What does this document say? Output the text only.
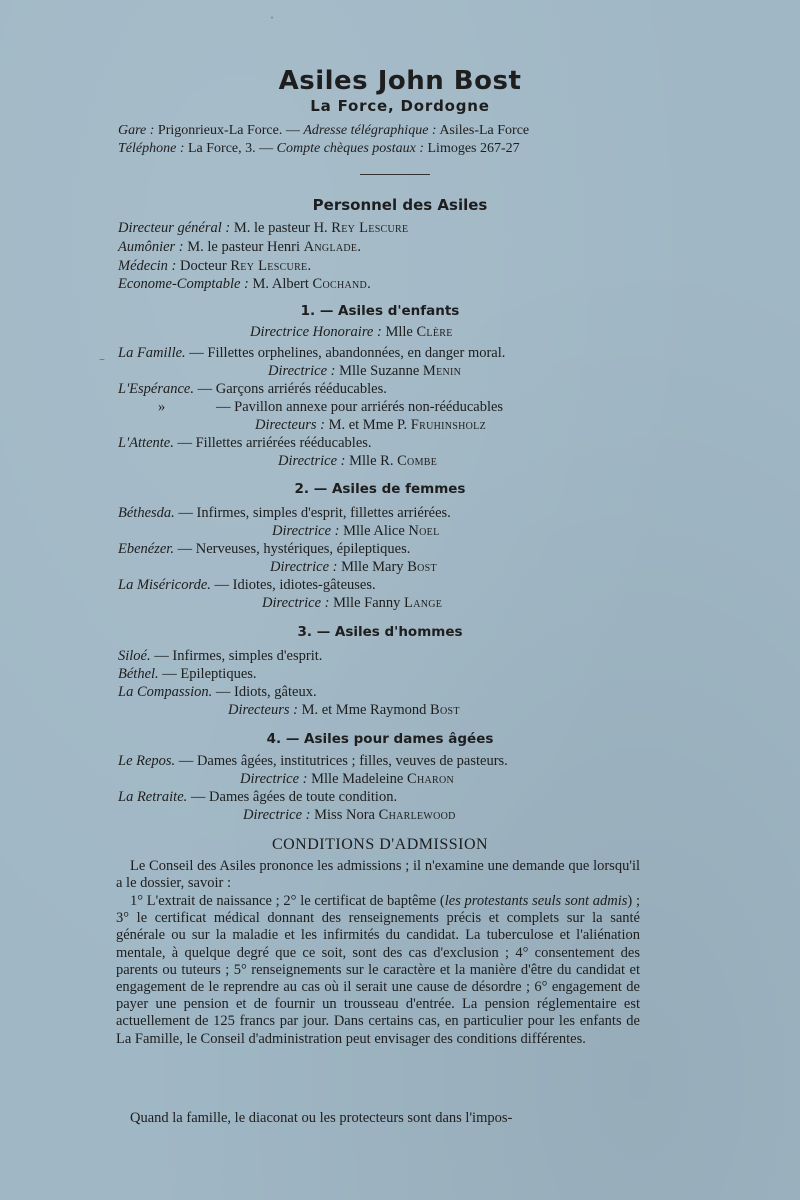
Asiles John Bost
La Force, Dordogne
Gare : Prigonrieux-La Force. — Adresse télégraphique : Asiles-La Force
Téléphone : La Force, 3. — Compte chèques postaux : Limoges 267-27
Personnel des Asiles
Directeur général : M. le pasteur H. Rey Lescure
Aumônier : M. le pasteur Henri Anglade.
Médecin : Docteur Rey Lescure.
Econome-Comptable : M. Albert Cochand.
1. — Asiles d'enfants
Directrice Honoraire : Mlle Clère
La Famille. — Fillettes orphelines, abandonnées, en danger moral.
Directrice : Mlle Suzanne Menin
L'Espérance. — Garçons arriérés rééducables.
»	— Pavillon annexe pour arriérés non-rééducables
Directeurs : M. et Mme P. Fruhinsholz
L'Attente. — Fillettes arriérées rééducables.
Directrice : Mlle R. Combe
2. — Asiles de femmes
Béthesda. — Infirmes, simples d'esprit, fillettes arriérées.
Directrice : Mlle Alice Noel
Ebenézer. — Nerveuses, hystériques, épileptiques.
Directrice : Mlle Mary Bost
La Miséricorde. — Idiotes, idiotes-gâteuses.
Directrice : Mlle Fanny Lange
3. — Asiles d'hommes
Siloé. — Infirmes, simples d'esprit.
Béthel. — Epileptiques.
La Compassion. — Idiots, gâteux.
Directeurs : M. et Mme Raymond Bost
4. — Asiles pour dames âgées
Le Repos. — Dames âgées, institutrices ; filles, veuves de pasteurs.
Directrice : Mlle Madeleine Charon
La Retraite. — Dames âgées de toute condition.
Directrice : Miss Nora Charlewood
CONDITIONS D'ADMISSION
Le Conseil des Asiles prononce les admissions ; il n'examine une demande que lorsqu'il a le dossier, savoir :
1° L'extrait de naissance ; 2° le certificat de baptême (les protestants seuls sont admis) ; 3° le certificat médical donnant des renseignements précis et complets sur la santé générale ou sur la maladie et les infirmités du candidat. La tuberculose et l'aliénation mentale, à quelque degré que ce soit, sont des cas d'exclusion ; 4° consentement des parents ou tuteurs ; 5° renseignements sur le caractère et la manière d'être du candidat et engagement de le reprendre au cas où il serait une cause de désordre ; 6° engagement de payer une pension et de fournir un trousseau d'entrée. La pension réglementaire est actuellement de 125 francs par jour. Dans certains cas, en particulier pour les enfants de La Famille, le Conseil d'administration peut envisager des conditions différentes.
Quand la famille, le diaconat ou les protecteurs sont dans l'impos-
ˈ
‾
